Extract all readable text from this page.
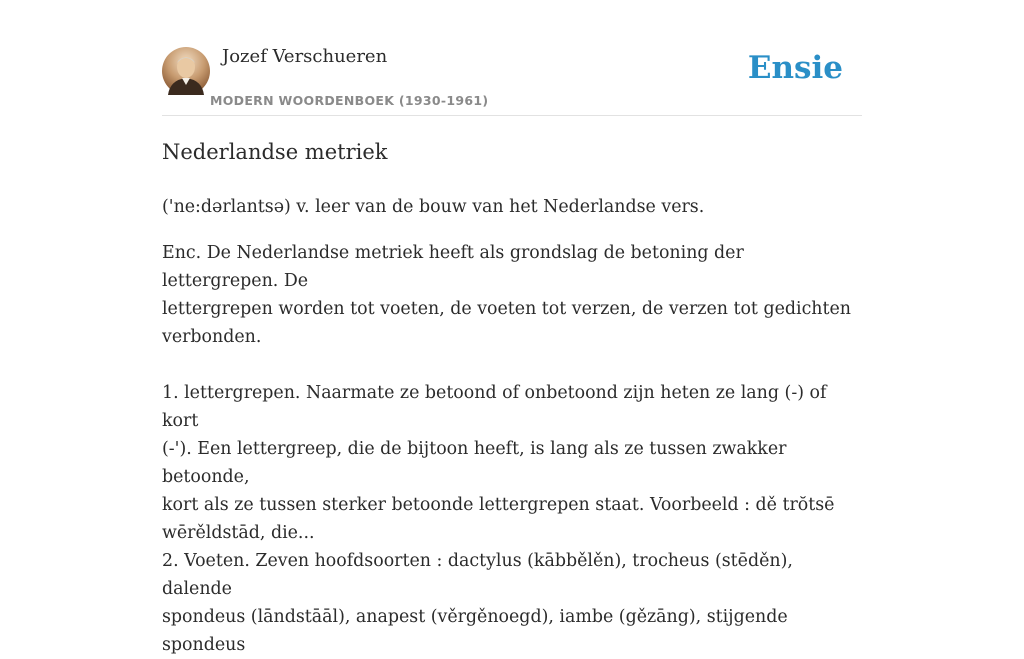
Jozef Verschueren
MODERN WOORDENBOEK (1930-1961)
Ensie
Nederlandse metriek

('ne:dərlantsə) v. leer van de bouw van het Nederlandse vers.

Enc. De Nederlandse metriek heeft als grondslag de betoning der lettergrepen. De
lettergrepen worden tot voeten, de voeten tot verzen, de verzen tot gedichten
verbonden.

1. lettergrepen. Naarmate ze betoond of onbetoond zijn heten ze lang (-) of kort
(-'). Een lettergreep, die de bijtoon heeft, is lang als ze tussen zwakker betoonde,
kort als ze tussen sterker betoonde lettergrepen staat. Voorbeeld : dě trŏtsē
wērěldstād, die...
2. Voeten. Zeven hoofdsoorten : dactylus (kābbělěn), trocheus (stēděn), dalende
spondeus (lāndstāāl), anapest (věrgěnoegd), iambe (gězāng), stijgende spondeus
